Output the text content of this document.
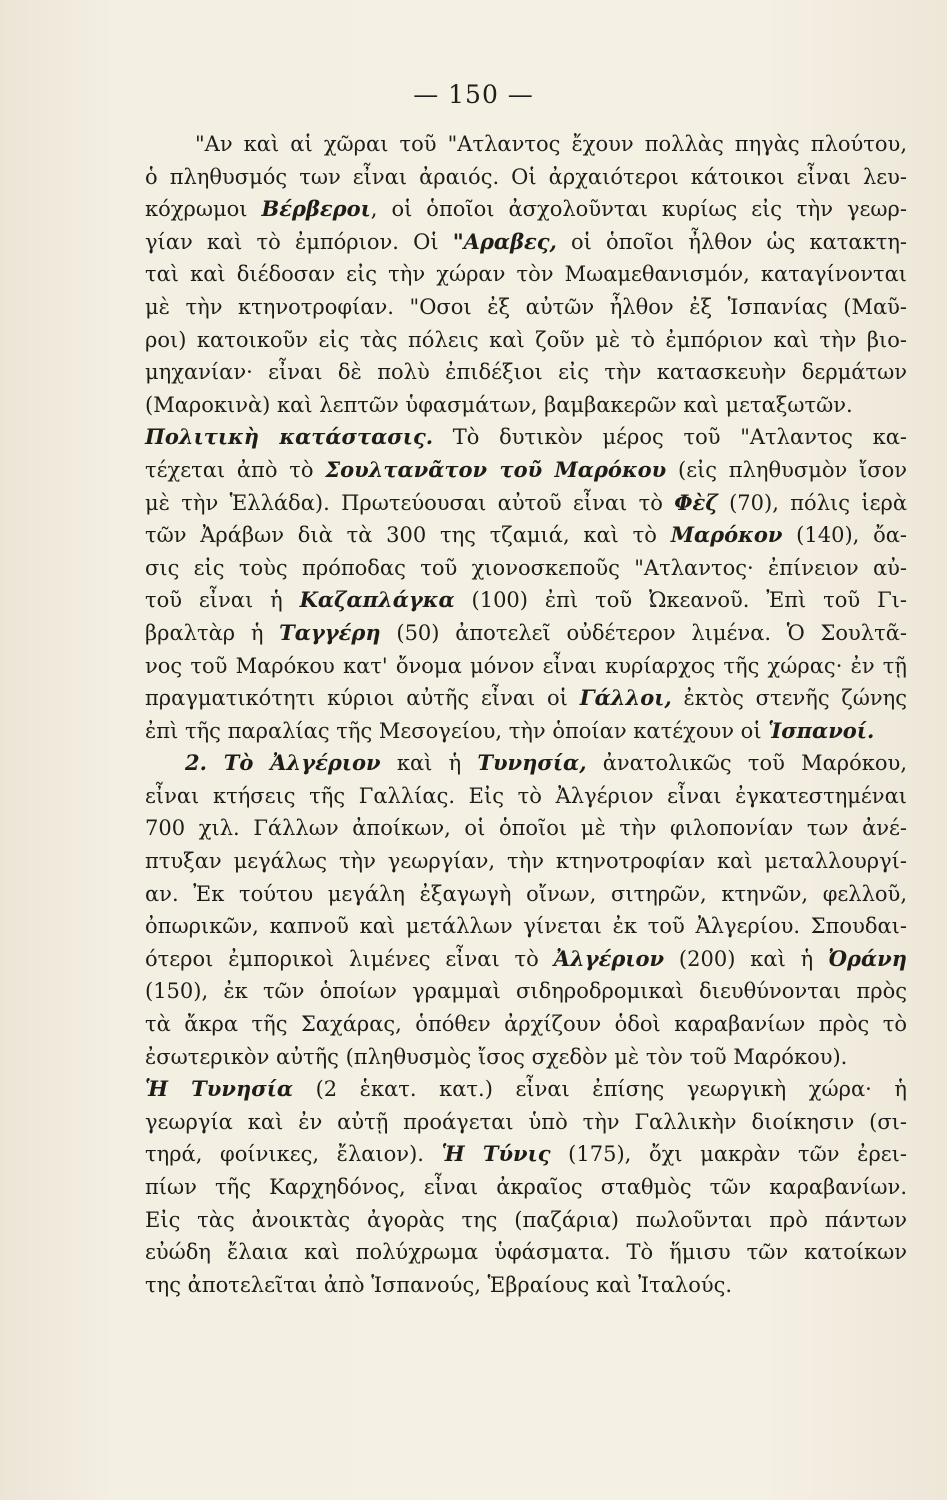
— 150 —
"Αν καὶ αἱ χῶραι τοῦ "Ατλαντος ἔχουν πολλὰς πηγὰς πλούτου,
ὁ πληθυσμός των εἶναι ἀραιός. Οἱ ἀρχαιότεροι κάτοικοι εἶναι λευ-
κόχρωμοι Βέρβεροι, οἱ ὁποῖοι ἀσχολοῦνται κυρίως εἰς τὴν γεωρ-
γίαν καὶ τὸ ἐμπόριον. Οἱ "Αραβες, οἱ ὁποῖοι ἦλθον ὡς κατακτη-
ταὶ καὶ διέδοσαν εἰς τὴν χώραν τὸν Μωαμεθανισμόν, καταγίνονται
μὲ τὴν κτηνοτροφίαν. "Οσοι ἐξ αὐτῶν ἦλθον ἐξ Ἱσπανίας (Μαῦ-
ροι) κατοικοῦν εἰς τὰς πόλεις καὶ ζοῦν μὲ τὸ ἐμπόριον καὶ τὴν βιο-
μηχανίαν· εἶναι δὲ πολὺ ἐπιδέξιοι εἰς τὴν κατασκευὴν δερμάτων
(Μαροκινὰ) καὶ λεπτῶν ὑφασμάτων, βαμβακερῶν καὶ μεταξωτῶν.
Πολιτικὴ κατάστασις. Τὸ δυτικὸν μέρος τοῦ "Ατλαντος κα-
τέχεται ἀπὸ τὸ Σουλτανᾶτον τοῦ Μαρόκου (εἰς πληθυσμὸν ἴσον
μὲ τὴν Ἑλλάδα). Πρωτεύουσαι αὐτοῦ εἶναι τὸ Φὲζ (70), πόλις ἱερὰ
τῶν Ἀράβων διὰ τὰ 300 της τζαμιά, καὶ τὸ Μαρόκον (140), ὄα-
σις εἰς τοὺς πρόποδας τοῦ χιονοσκεποῦς "Ατλαντος· ἐπίνειον αὐ-
τοῦ εἶναι ἡ Καζαπλάγκα (100) ἐπὶ τοῦ Ὠκεανοῦ. Ἐπὶ τοῦ Γι-
βραλτὰρ ἡ Ταγγέρη (50) ἀποτελεῖ οὐδέτερον λιμένα. Ὁ Σουλτᾶ-
νος τοῦ Μαρόκου κατ' ὄνομα μόνον εἶναι κυρίαρχος τῆς χώρας· ἐν τῇ
πραγματικότητι κύριοι αὐτῆς εἶναι οἱ Γάλλοι, ἐκτὸς στενῆς ζώνης
ἐπὶ τῆς παραλίας τῆς Μεσογείου, τὴν ὁποίαν κατέχουν οἱ Ἱσπανοί.
2. Τὸ Ἀλγέριον καὶ ἡ Τυνησία, ἀνατολικῶς τοῦ Μαρόκου,
εἶναι κτήσεις τῆς Γαλλίας. Εἰς τὸ Ἀλγέριον εἶναι ἐγκατεστημέναι
700 χιλ. Γάλλων ἀποίκων, οἱ ὁποῖοι μὲ τὴν φιλοπονίαν των ἀνέ-
πτυξαν μεγάλως τὴν γεωργίαν, τὴν κτηνοτροφίαν καὶ μεταλλουργί-
αν. Ἐκ τούτου μεγάλη ἐξαγωγὴ οἴνων, σιτηρῶν, κτηνῶν, φελλοῦ,
ὀπωρικῶν, καπνοῦ καὶ μετάλλων γίνεται ἐκ τοῦ Ἀλγερίου. Σπουδαι-
ότεροι ἐμπορικοὶ λιμένες εἶναι τὸ Ἀλγέριον (200) καὶ ἡ Ὀράνη
(150), ἐκ τῶν ὁποίων γραμμαὶ σιδηροδρομικαὶ διευθύνονται πρὸς
τὰ ἄκρα τῆς Σαχάρας, ὁπόθεν ἀρχίζουν ὁδοὶ καραβανίων πρὸς τὸ
ἐσωτερικὸν αὐτῆς (πληθυσμὸς ἴσος σχεδὸν μὲ τὸν τοῦ Μαρόκου).
Ἡ Τυνησία (2 ἑκατ. κατ.) εἶναι ἐπίσης γεωργικὴ χώρα· ἡ
γεωργία καὶ ἐν αὐτῇ προάγεται ὑπὸ τὴν Γαλλικὴν διοίκησιν (σι-
τηρά, φοίνικες, ἔλαιον). Ἡ Τύνις (175), ὄχι μακρὰν τῶν ἐρει-
πίων τῆς Καρχηδόνος, εἶναι ἀκραῖος σταθμὸς τῶν καραβανίων.
Εἰς τὰς ἀνοικτὰς ἀγορὰς της (παζάρια) πωλοῦνται πρὸ πάντων
εὐώδη ἔλαια καὶ πολύχρωμα ὑφάσματα. Τὸ ἥμισυ τῶν κατοίκων
της ἀποτελεῖται ἀπὸ Ἱσπανούς, Ἑβραίους καὶ Ἰταλούς.
